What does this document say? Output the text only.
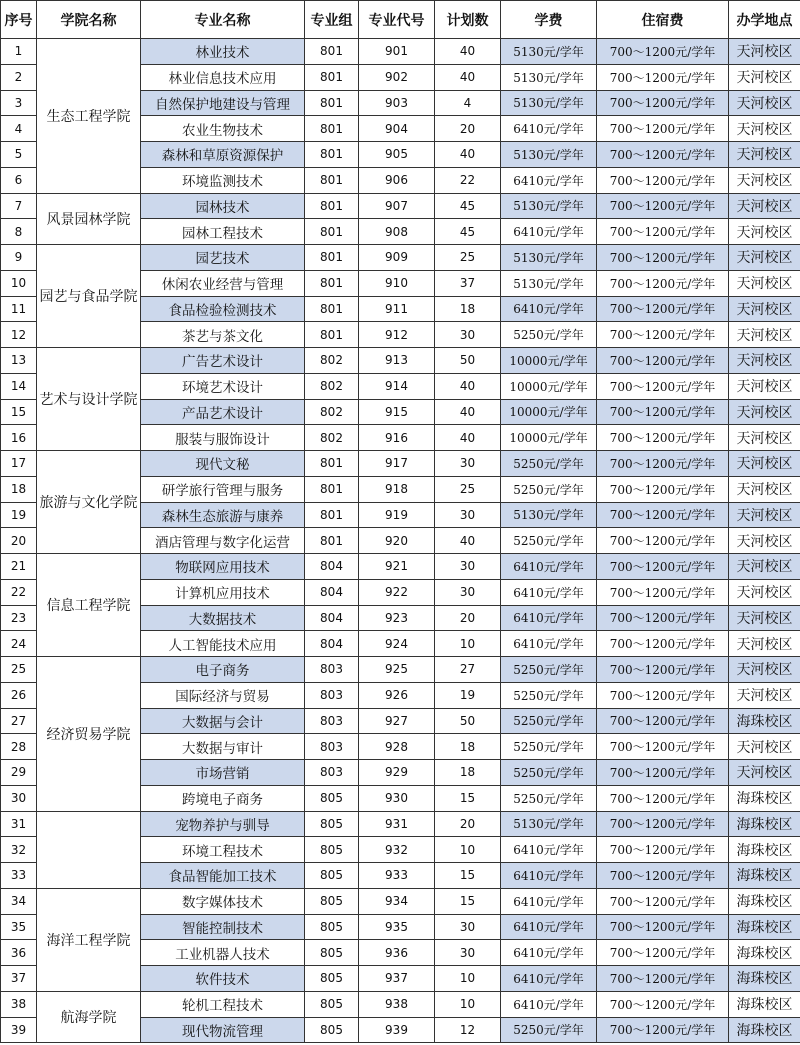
序号	学院名称	专业名称	专业组	专业代号	计划数	学费	住宿费	办学地点
1	生态工程学院	林业技术	801	901	40	5130元/学年	700～1200元/学年	天河校区
2		林业信息技术应用	801	902	40	5130元/学年	700～1200元/学年	天河校区
3		自然保护地建设与管理	801	903	4	5130元/学年	700～1200元/学年	天河校区
4		农业生物技术	801	904	20	6410元/学年	700～1200元/学年	天河校区
5		森林和草原资源保护	801	905	40	5130元/学年	700～1200元/学年	天河校区
6		环境监测技术	801	906	22	6410元/学年	700～1200元/学年	天河校区
7	风景园林学院	园林技术	801	907	45	5130元/学年	700～1200元/学年	天河校区
8		园林工程技术	801	908	45	6410元/学年	700～1200元/学年	天河校区
9	园艺与食品学院	园艺技术	801	909	25	5130元/学年	700～1200元/学年	天河校区
10		休闲农业经营与管理	801	910	37	5130元/学年	700～1200元/学年	天河校区
11		食品检验检测技术	801	911	18	6410元/学年	700～1200元/学年	天河校区
12		茶艺与茶文化	801	912	30	5250元/学年	700～1200元/学年	天河校区
13	艺术与设计学院	广告艺术设计	802	913	50	10000元/学年	700～1200元/学年	天河校区
14		环境艺术设计	802	914	40	10000元/学年	700～1200元/学年	天河校区
15		产品艺术设计	802	915	40	10000元/学年	700～1200元/学年	天河校区
16		服装与服饰设计	802	916	40	10000元/学年	700～1200元/学年	天河校区
17	旅游与文化学院	现代文秘	801	917	30	5250元/学年	700～1200元/学年	天河校区
18		研学旅行管理与服务	801	918	25	5250元/学年	700～1200元/学年	天河校区
19		森林生态旅游与康养	801	919	30	5130元/学年	700～1200元/学年	天河校区
20		酒店管理与数字化运营	801	920	40	5250元/学年	700～1200元/学年	天河校区
21	信息工程学院	物联网应用技术	804	921	30	6410元/学年	700～1200元/学年	天河校区
22		计算机应用技术	804	922	30	6410元/学年	700～1200元/学年	天河校区
23		大数据技术	804	923	20	6410元/学年	700～1200元/学年	天河校区
24		人工智能技术应用	804	924	10	6410元/学年	700～1200元/学年	天河校区
25	经济贸易学院	电子商务	803	925	27	5250元/学年	700～1200元/学年	天河校区
26		国际经济与贸易	803	926	19	5250元/学年	700～1200元/学年	天河校区
27		大数据与会计	803	927	50	5250元/学年	700～1200元/学年	海珠校区
28		大数据与审计	803	928	18	5250元/学年	700～1200元/学年	天河校区
29		市场营销	803	929	18	5250元/学年	700～1200元/学年	天河校区
30		跨境电子商务	805	930	15	5250元/学年	700～1200元/学年	海珠校区
31		宠物养护与驯导	805	931	20	5130元/学年	700～1200元/学年	海珠校区
32		环境工程技术	805	932	10	6410元/学年	700～1200元/学年	海珠校区
33		食品智能加工技术	805	933	15	6410元/学年	700～1200元/学年	海珠校区
34	海洋工程学院	数字媒体技术	805	934	15	6410元/学年	700～1200元/学年	海珠校区
35		智能控制技术	805	935	30	6410元/学年	700～1200元/学年	海珠校区
36		工业机器人技术	805	936	30	6410元/学年	700～1200元/学年	海珠校区
37		软件技术	805	937	10	6410元/学年	700～1200元/学年	海珠校区
38	航海学院	轮机工程技术	805	938	10	6410元/学年	700～1200元/学年	海珠校区
39		现代物流管理	805	939	12	5250元/学年	700～1200元/学年	海珠校区
